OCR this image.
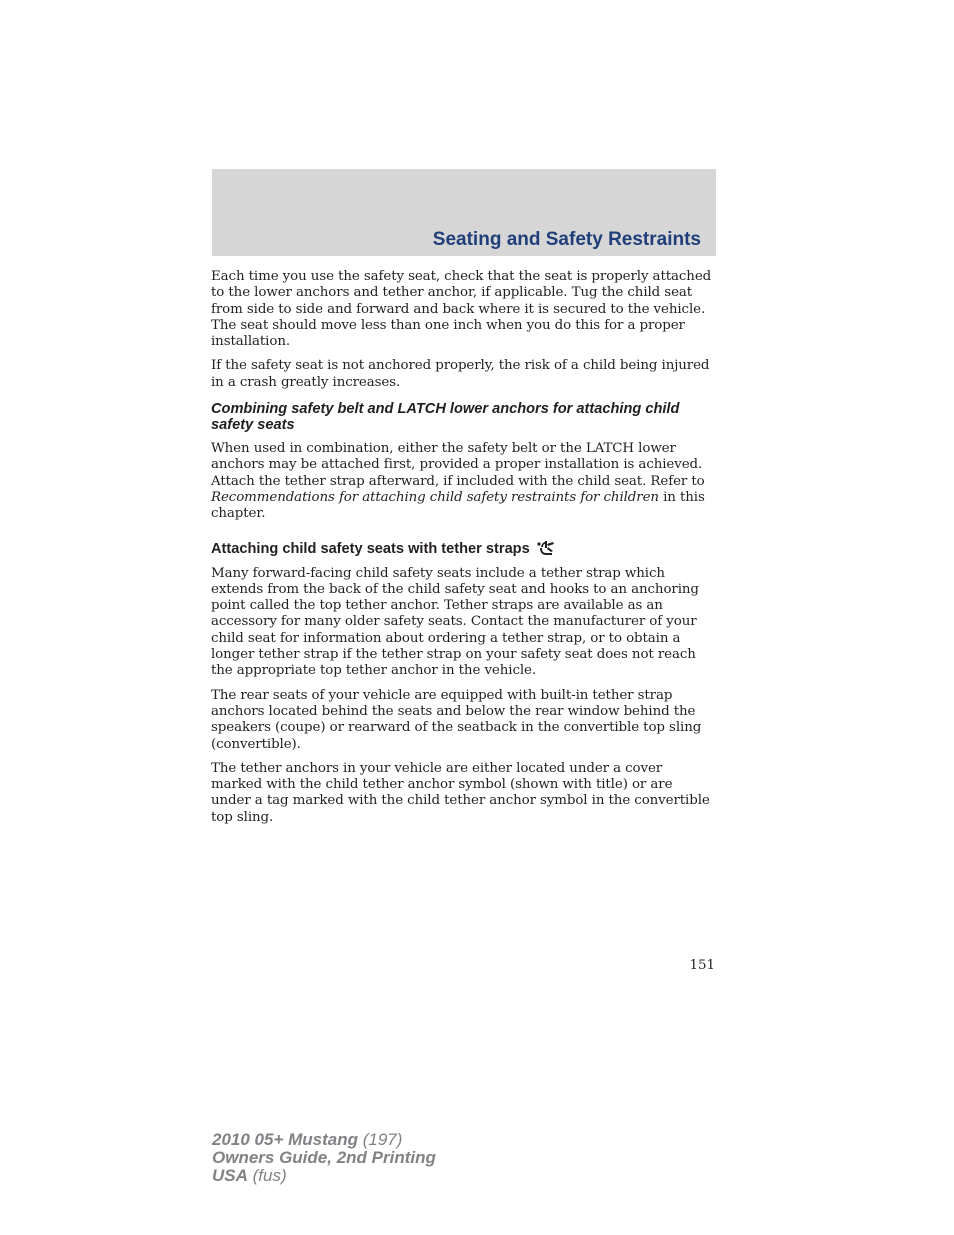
Seating and Safety Restraints

Each time you use the safety seat, check that the seat is properly attached to the lower anchors and tether anchor, if applicable. Tug the child seat from side to side and forward and back where it is secured to the vehicle. The seat should move less than one inch when you do this for a proper installation.

If the safety seat is not anchored properly, the risk of a child being injured in a crash greatly increases.

Combining safety belt and LATCH lower anchors for attaching child safety seats

When used in combination, either the safety belt or the LATCH lower anchors may be attached first, provided a proper installation is achieved. Attach the tether strap afterward, if included with the child seat. Refer to Recommendations for attaching child safety restraints for children in this chapter.

Attaching child safety seats with tether straps

Many forward-facing child safety seats include a tether strap which extends from the back of the child safety seat and hooks to an anchoring point called the top tether anchor. Tether straps are available as an accessory for many older safety seats. Contact the manufacturer of your child seat for information about ordering a tether strap, or to obtain a longer tether strap if the tether strap on your safety seat does not reach the appropriate top tether anchor in the vehicle.

The rear seats of your vehicle are equipped with built-in tether strap anchors located behind the seats and below the rear window behind the speakers (coupe) or rearward of the seatback in the convertible top sling (convertible).

The tether anchors in your vehicle are either located under a cover marked with the child tether anchor symbol (shown with title) or are under a tag marked with the child tether anchor symbol in the convertible top sling.

151
2010 05+ Mustang (197)
Owners Guide, 2nd Printing
USA (fus)
